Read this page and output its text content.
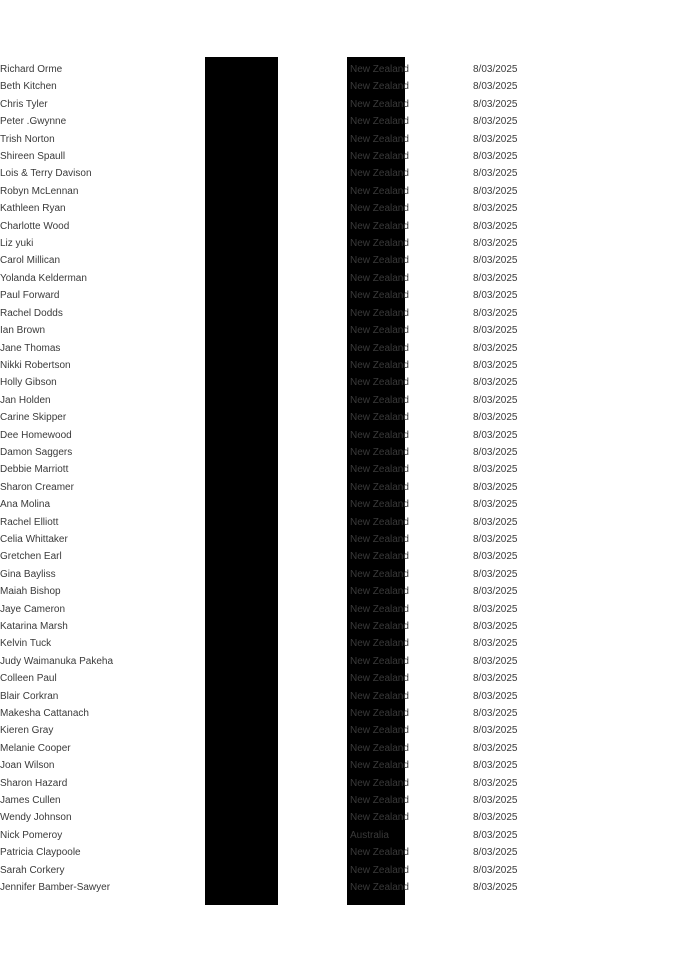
Richard Orme	New Zealand	8/03/2025
Beth Kitchen	New Zealand	8/03/2025
Chris Tyler	New Zealand	8/03/2025
Peter .Gwynne	New Zealand	8/03/2025
Trish Norton	New Zealand	8/03/2025
Shireen Spaull	New Zealand	8/03/2025
Lois & Terry Davison	New Zealand	8/03/2025
Robyn McLennan	New Zealand	8/03/2025
Kathleen Ryan	New Zealand	8/03/2025
Charlotte Wood	New Zealand	8/03/2025
Liz yuki	New Zealand	8/03/2025
Carol Millican	New Zealand	8/03/2025
Yolanda Kelderman	New Zealand	8/03/2025
Paul Forward	New Zealand	8/03/2025
Rachel Dodds	New Zealand	8/03/2025
Ian Brown	New Zealand	8/03/2025
Jane Thomas	New Zealand	8/03/2025
Nikki Robertson	New Zealand	8/03/2025
Holly Gibson	New Zealand	8/03/2025
Jan Holden	New Zealand	8/03/2025
Carine Skipper	New Zealand	8/03/2025
Dee Homewood	New Zealand	8/03/2025
Damon Saggers	New Zealand	8/03/2025
Debbie Marriott	New Zealand	8/03/2025
Sharon Creamer	New Zealand	8/03/2025
Ana Molina	New Zealand	8/03/2025
Rachel Elliott	New Zealand	8/03/2025
Celia Whittaker	New Zealand	8/03/2025
Gretchen Earl	New Zealand	8/03/2025
Gina Bayliss	New Zealand	8/03/2025
Maiah Bishop	New Zealand	8/03/2025
Jaye Cameron	New Zealand	8/03/2025
Katarina Marsh	New Zealand	8/03/2025
Kelvin Tuck	New Zealand	8/03/2025
Judy Waimanuka Pakeha	New Zealand	8/03/2025
Colleen Paul	New Zealand	8/03/2025
Blair Corkran	New Zealand	8/03/2025
Makesha Cattanach	New Zealand	8/03/2025
Kieren Gray	New Zealand	8/03/2025
Melanie Cooper	New Zealand	8/03/2025
Joan Wilson	New Zealand	8/03/2025
Sharon Hazard	New Zealand	8/03/2025
James Cullen	New Zealand	8/03/2025
Wendy Johnson	New Zealand	8/03/2025
Nick Pomeroy	Australia	8/03/2025
Patricia Claypoole	New Zealand	8/03/2025
Sarah Corkery	New Zealand	8/03/2025
Jennifer Bamber-Sawyer	New Zealand	8/03/2025
